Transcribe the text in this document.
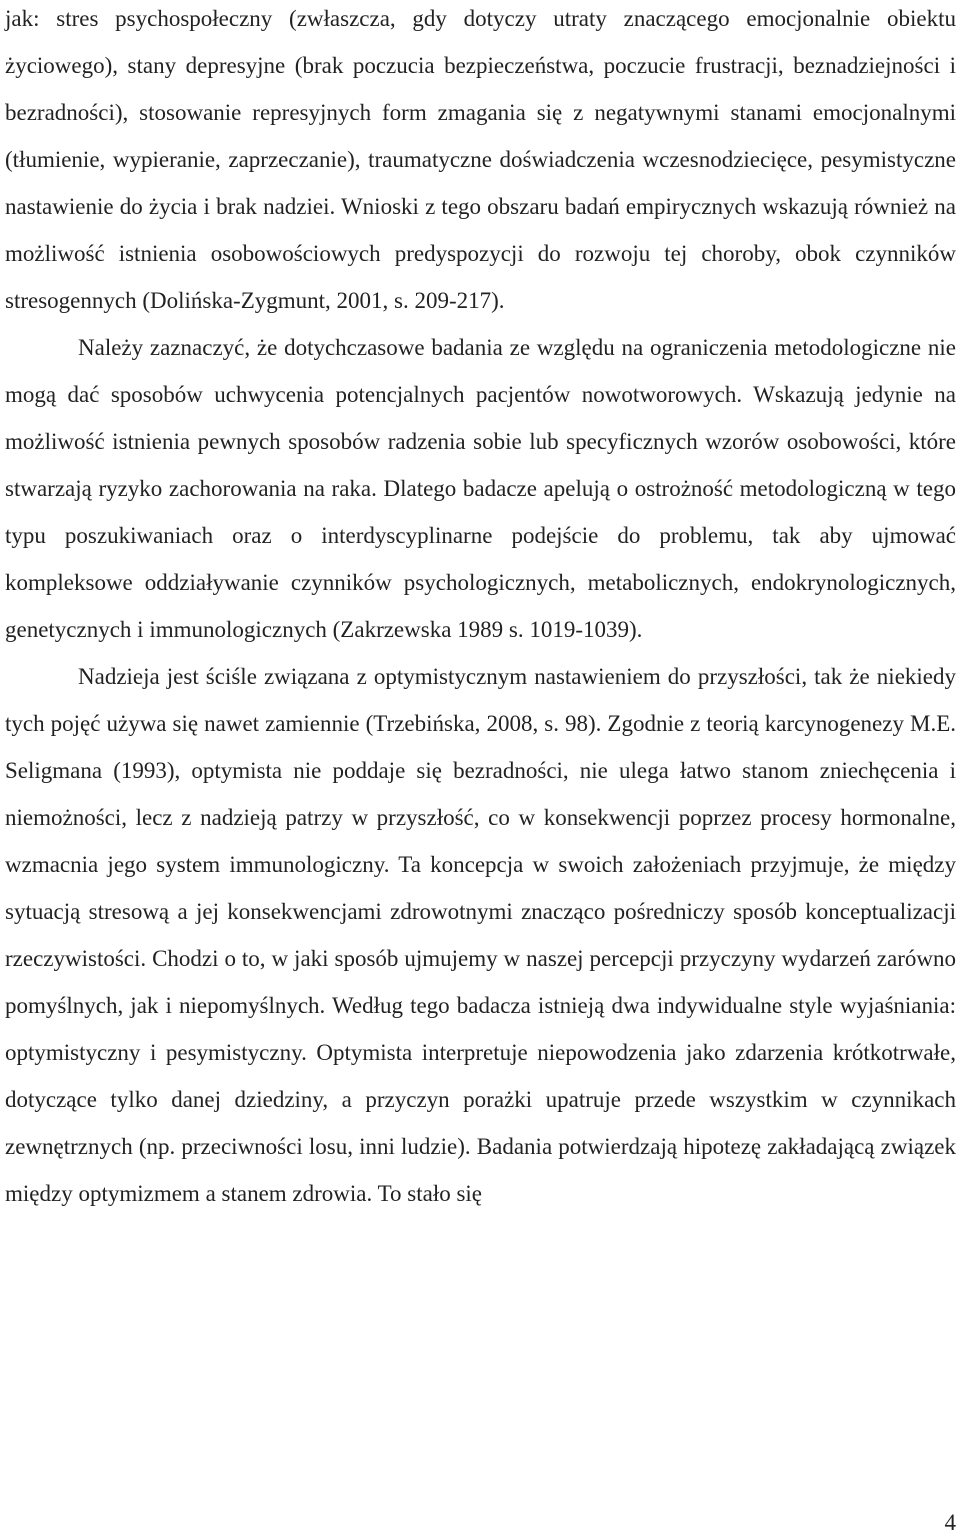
jak: stres psychospołeczny (zwłaszcza, gdy dotyczy utraty znaczącego emocjonalnie obiektu życiowego), stany depresyjne (brak poczucia bezpieczeństwa, poczucie frustracji, beznadziejności i bezradności), stosowanie represyjnych form zmagania się z negatywnymi stanami emocjonalnymi (tłumienie, wypieranie, zaprzeczanie), traumatyczne doświadczenia wczesnodziecięce, pesymistyczne nastawienie do życia i brak nadziei. Wnioski z tego obszaru badań empirycznych wskazują również na możliwość istnienia osobowościowych predyspozycji do rozwoju tej choroby, obok czynników stresogennych (Dolińska-Zygmunt, 2001, s. 209-217).

Należy zaznaczyć, że dotychczasowe badania ze względu na ograniczenia metodologiczne nie mogą dać sposobów uchwycenia potencjalnych pacjentów nowotworowych. Wskazują jedynie na możliwość istnienia pewnych sposobów radzenia sobie lub specyficznych wzorów osobowości, które stwarzają ryzyko zachorowania na raka. Dlatego badacze apelują o ostrożność metodologiczną w tego typu poszukiwaniach oraz o interdyscyplinarne podejście do problemu, tak aby ujmować kompleksowe oddziaływanie czynników psychologicznych, metabolicznych, endokrynologicznych, genetycznych i immunologicznych (Zakrzewska 1989 s. 1019-1039).

Nadzieja jest ściśle związana z optymistycznym nastawieniem do przyszłości, tak że niekiedy tych pojęć używa się nawet zamiennie (Trzebińska, 2008, s. 98). Zgodnie z teorią karcynogenezy M.E. Seligmana (1993), optymista nie poddaje się bezradności, nie ulega łatwo stanom zniechęcenia i niemożności, lecz z nadzieją patrzy w przyszłość, co w konsekwencji poprzez procesy hormonalne, wzmacnia jego system immunologiczny. Ta koncepcja w swoich założeniach przyjmuje, że między sytuacją stresową a jej konsekwencjami zdrowotnymi znacząco pośredniczy sposób konceptualizacji rzeczywistości. Chodzi o to, w jaki sposób ujmujemy w naszej percepcji przyczyny wydarzeń zarówno pomyślnych, jak i niepomyślnych. Według tego badacza istnieją dwa indywidualne style wyjaśniania: optymistyczny i pesymistyczny. Optymista interpretuje niepowodzenia jako zdarzenia krótkotrwałe, dotyczące tylko danej dziedziny, a przyczyn porażki upatruje przede wszystkim w czynnikach zewnętrznych (np. przeciwności losu, inni ludzie). Badania potwierdzają hipotezę zakładającą związek między optymizmem a stanem zdrowia. To stało się

4
